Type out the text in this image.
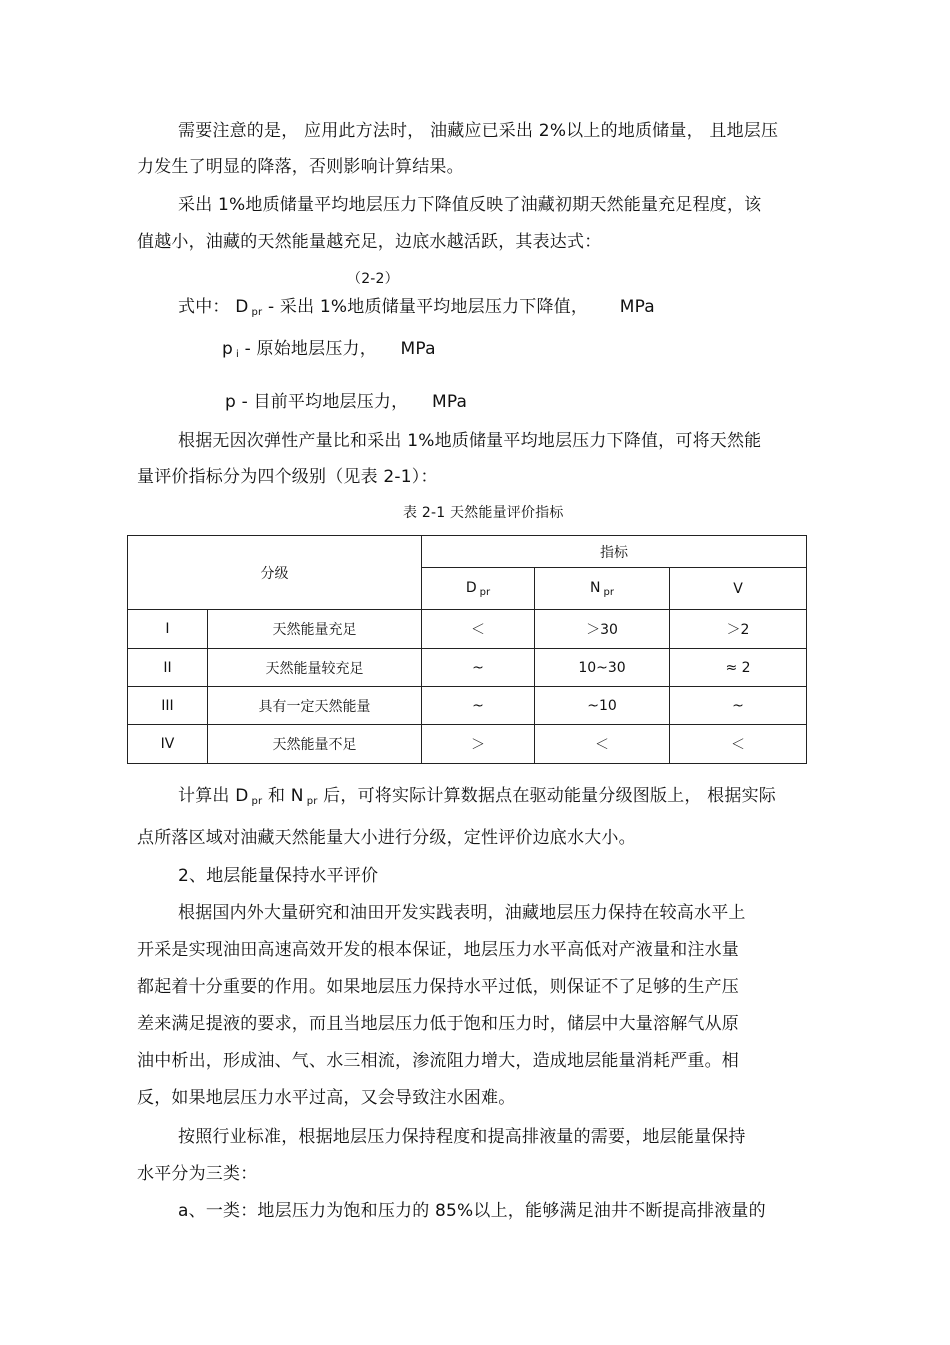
需要注意的是， 应用此方法时， 油藏应已采出 2%以上的地质储量， 且地层压
力发生了明显的降落，否则影响计算结果。
采出 1%地质储量平均地层压力下降值反映了油藏初期天然能量充足程度，该
值越小，油藏的天然能量越充足，边底水越活跃，其表达式：
（2-2）
式中： D $_{pr}$ - 采出 1%地质储量平均地层压力下降值， MPa
p $_i$ - 原始地层压力， MPa
p - 目前平均地层压力， MPa
根据无因次弹性产量比和采出 1%地质储量平均地层压力下降值，可将天然能
量评价指标分为四个级别（见表 2-1）：
表 2-1 天然能量评价指标
分级		指标		
		D $_{pr}$	N $_{pr}$	V
I	天然能量充足	＜	＞30	＞2
II	天然能量较充足	~	10~30	≈ 2
III	具有一定天然能量	~	~10	~
IV	天然能量不足	＞	＜	＜
计算出 D $_{pr}$ 和 N $_{pr}$ 后，可将实际计算数据点在驱动能量分级图版上， 根据实际
点所落区域对油藏天然能量大小进行分级，定性评价边底水大小。
2、地层能量保持水平评价
根据国内外大量研究和油田开发实践表明，油藏地层压力保持在较高水平上
开采是实现油田高速高效开发的根本保证，地层压力水平高低对产液量和注水量
都起着十分重要的作用。如果地层压力保持水平过低，则保证不了足够的生产压
差来满足提液的要求，而且当地层压力低于饱和压力时，储层中大量溶解气从原
油中析出，形成油、气、水三相流，渗流阻力增大，造成地层能量消耗严重。相
反，如果地层压力水平过高，又会导致注水困难。
按照行业标准，根据地层压力保持程度和提高排液量的需要，地层能量保持
水平分为三类：
a、一类：地层压力为饱和压力的 85%以上，能够满足油井不断提高排液量的
